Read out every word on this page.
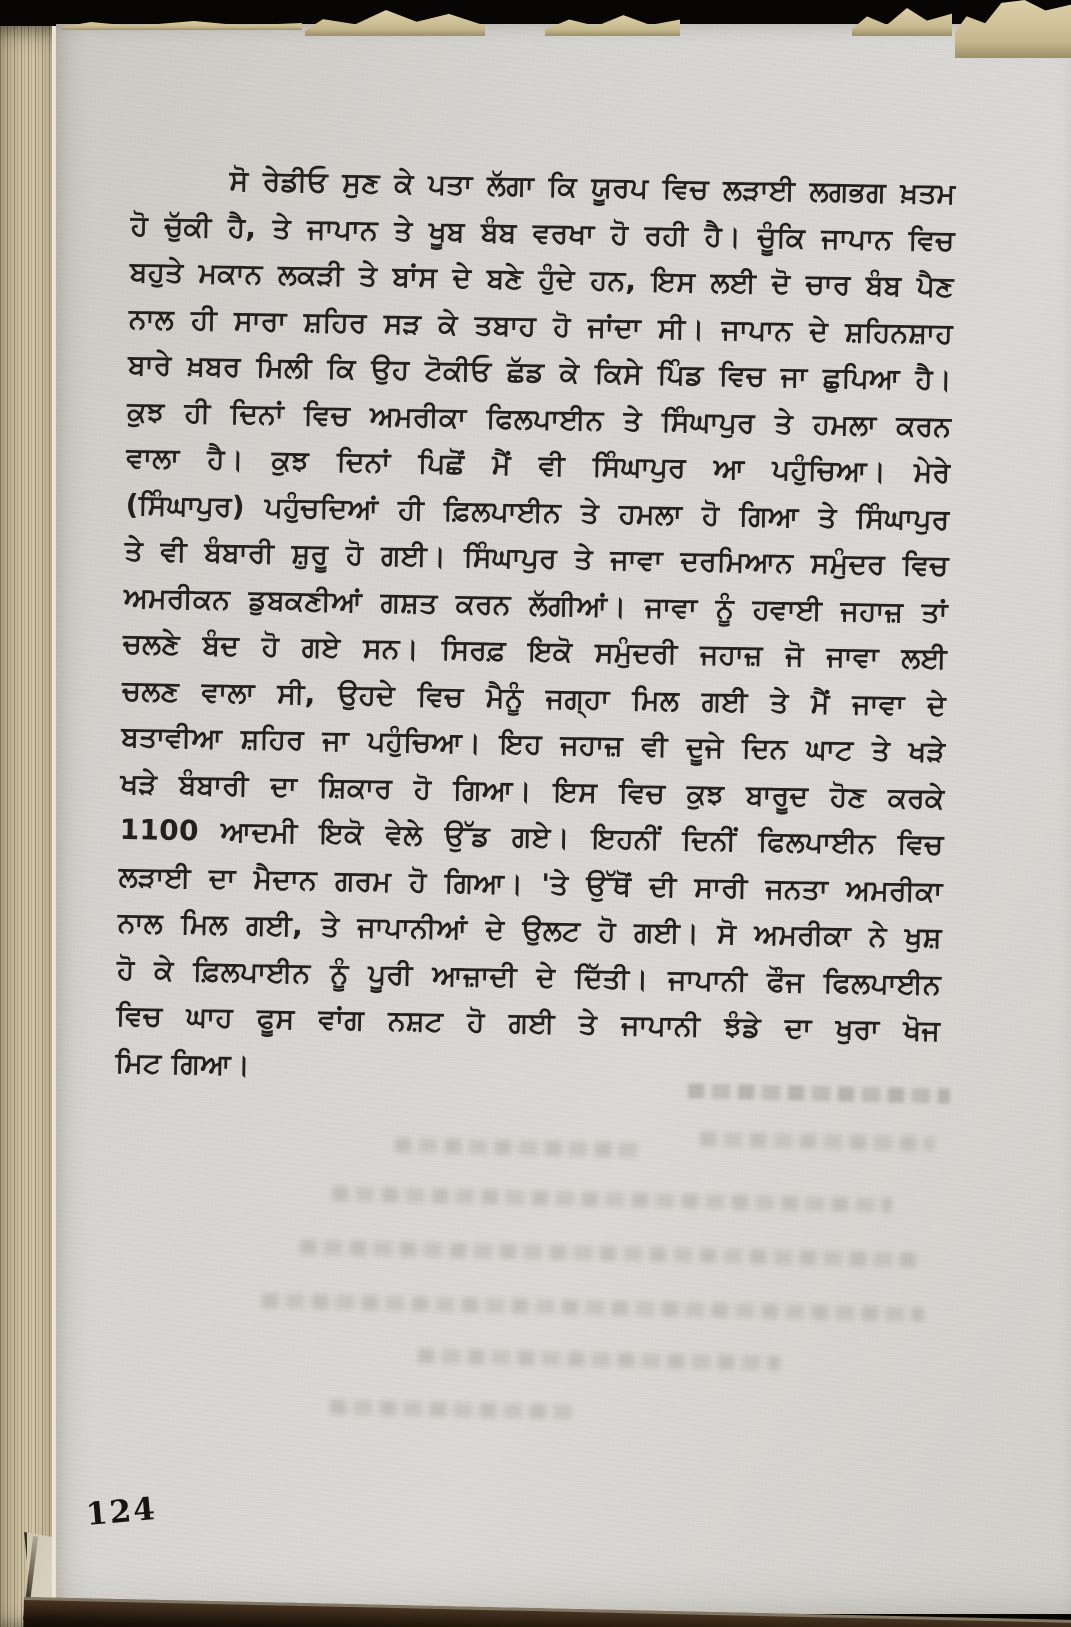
ਸੋ ਰੇਡੀਓ ਸੁਣ ਕੇ ਪਤਾ ਲੱਗਾ ਕਿ ਯੂਰਪ ਵਿਚ ਲੜਾਈ ਲਗਭਗ ਖ਼ਤਮ
ਹੋ ਚੁੱਕੀ ਹੈ, ਤੇ ਜਾਪਾਨ ਤੇ ਖੂਬ ਬੰਬ ਵਰਖਾ ਹੋ ਰਹੀ ਹੈ। ਚੂੰਕਿ ਜਾਪਾਨ ਵਿਚ
ਬਹੁਤੇ ਮਕਾਨ ਲਕੜੀ ਤੇ ਬਾਂਸ ਦੇ ਬਣੇ ਹੁੰਦੇ ਹਨ, ਇਸ ਲਈ ਦੋ ਚਾਰ ਬੰਬ ਪੈਣ
ਨਾਲ ਹੀ ਸਾਰਾ ਸ਼ਹਿਰ ਸੜ ਕੇ ਤਬਾਹ ਹੋ ਜਾਂਦਾ ਸੀ। ਜਾਪਾਨ ਦੇ ਸ਼ਹਿਨਸ਼ਾਹ
ਬਾਰੇ ਖ਼ਬਰ ਮਿਲੀ ਕਿ ਉਹ ਟੋਕੀਓ ਛੱਡ ਕੇ ਕਿਸੇ ਪਿੰਡ ਵਿਚ ਜਾ ਛੁਪਿਆ ਹੈ।
ਕੁਝ ਹੀ ਦਿਨਾਂ ਵਿਚ ਅਮਰੀਕਾ ਫਿਲਪਾਈਨ ਤੇ ਸਿੰਘਾਪੁਰ ਤੇ ਹਮਲਾ ਕਰਨ
ਵਾਲਾ ਹੈ। ਕੁਝ ਦਿਨਾਂ ਪਿਛੋਂ ਮੈਂ ਵੀ ਸਿੰਘਾਪੁਰ ਆ ਪਹੁੰਚਿਆ। ਮੇਰੇ
(ਸਿੰਘਾਪੁਰ) ਪਹੁੰਚਦਿਆਂ ਹੀ ਫ਼ਿਲਪਾਈਨ ਤੇ ਹਮਲਾ ਹੋ ਗਿਆ ਤੇ ਸਿੰਘਾਪੁਰ
ਤੇ ਵੀ ਬੰਬਾਰੀ ਸ਼ੁਰੂ ਹੋ ਗਈ। ਸਿੰਘਾਪੁਰ ਤੇ ਜਾਵਾ ਦਰਮਿਆਨ ਸਮੁੰਦਰ ਵਿਚ
ਅਮਰੀਕਨ ਡੁਬਕਣੀਆਂ ਗਸ਼ਤ ਕਰਨ ਲੱਗੀਆਂ। ਜਾਵਾ ਨੂੰ ਹਵਾਈ ਜਹਾਜ਼ ਤਾਂ
ਚਲਣੇ ਬੰਦ ਹੋ ਗਏ ਸਨ। ਸਿਰਫ਼ ਇਕੋ ਸਮੁੰਦਰੀ ਜਹਾਜ਼ ਜੋ ਜਾਵਾ ਲਈ
ਚਲਣ ਵਾਲਾ ਸੀ, ਉਹਦੇ ਵਿਚ ਮੈਨੂੰ ਜਗ੍ਹਾ ਮਿਲ ਗਈ ਤੇ ਮੈਂ ਜਾਵਾ ਦੇ
ਬਤਾਵੀਆ ਸ਼ਹਿਰ ਜਾ ਪਹੁੰਚਿਆ। ਇਹ ਜਹਾਜ਼ ਵੀ ਦੂਜੇ ਦਿਨ ਘਾਟ ਤੇ ਖੜੇ
ਖੜੇ ਬੰਬਾਰੀ ਦਾ ਸ਼ਿਕਾਰ ਹੋ ਗਿਆ। ਇਸ ਵਿਚ ਕੁਝ ਬਾਰੂਦ ਹੋਣ ਕਰਕੇ
1100 ਆਦਮੀ ਇਕੋ ਵੇਲੇ ਉੱਡ ਗਏ। ਇਹਨੀਂ ਦਿਨੀਂ ਫਿਲਪਾਈਨ ਵਿਚ
ਲੜਾਈ ਦਾ ਮੈਦਾਨ ਗਰਮ ਹੋ ਗਿਆ। 'ਤੇ ਉੱਥੋਂ ਦੀ ਸਾਰੀ ਜਨਤਾ ਅਮਰੀਕਾ
ਨਾਲ ਮਿਲ ਗਈ, ਤੇ ਜਾਪਾਨੀਆਂ ਦੇ ਉਲਟ ਹੋ ਗਈ। ਸੋ ਅਮਰੀਕਾ ਨੇ ਖੁਸ਼
ਹੋ ਕੇ ਫ਼ਿਲਪਾਈਨ ਨੂੰ ਪੂਰੀ ਆਜ਼ਾਦੀ ਦੇ ਦਿੱਤੀ। ਜਾਪਾਨੀ ਫੌਜ ਫਿਲਪਾਈਨ
ਵਿਚ ਘਾਹ ਫੂਸ ਵਾਂਗ ਨਸ਼ਟ ਹੋ ਗਈ ਤੇ ਜਾਪਾਨੀ ਝੰਡੇ ਦਾ ਖੁਰਾ ਖੋਜ
ਮਿਟ ਗਿਆ।
124
